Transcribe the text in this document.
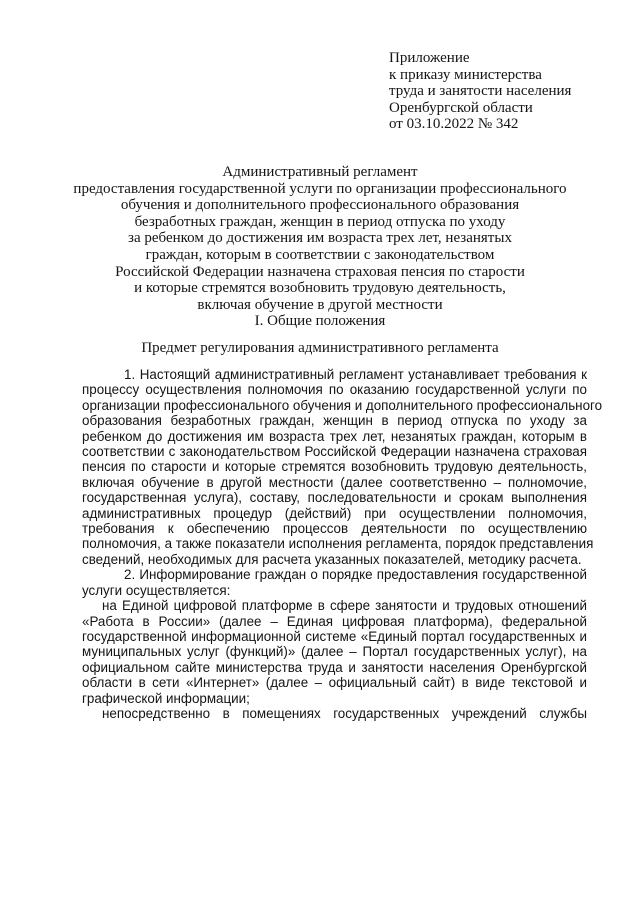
Приложение
к приказу министерства
труда и занятости населения
Оренбургской области
от 03.10.2022 № 342
Административный регламент
предоставления государственной услуги по организации профессионального
обучения и дополнительного профессионального образования
безработных граждан, женщин в период отпуска по уходу
за ребенком до достижения им возраста трех лет, незанятых
граждан, которым в соответствии с законодательством
Российской Федерации назначена страховая пенсия по старости
и которые стремятся возобновить трудовую деятельность,
включая обучение в другой местности
I. Общие положения
Предмет регулирования административного регламента
1. Настоящий административный регламент устанавливает требования к
процессу осуществления полномочия по оказанию государственной услуги по
организации профессионального обучения и дополнительного профессионального
образования безработных граждан, женщин в период отпуска по уходу за
ребенком до достижения им возраста трех лет, незанятых граждан, которым в
соответствии с законодательством Российской Федерации назначена страховая
пенсия по старости и которые стремятся возобновить трудовую деятельность,
включая обучение в другой местности (далее соответственно – полномочие,
государственная услуга), составу, последовательности и срокам выполнения
административных процедур (действий) при осуществлении полномочия,
требования к обеспечению процессов деятельности по осуществлению
полномочия, а также показатели исполнения регламента, порядок представления
сведений, необходимых для расчета указанных показателей, методику расчета.
2. Информирование граждан о порядке предоставления государственной
услуги осуществляется:
на Единой цифровой платформе в сфере занятости и трудовых отношений
«Работа в России» (далее – Единая цифровая платформа), федеральной
государственной информационной системе «Единый портал государственных и
муниципальных услуг (функций)» (далее – Портал государственных услуг), на
официальном сайте министерства труда и занятости населения Оренбургской
области в сети «Интернет» (далее – официальный сайт) в виде текстовой и
графической информации;
непосредственно в помещениях государственных учреждений службы
